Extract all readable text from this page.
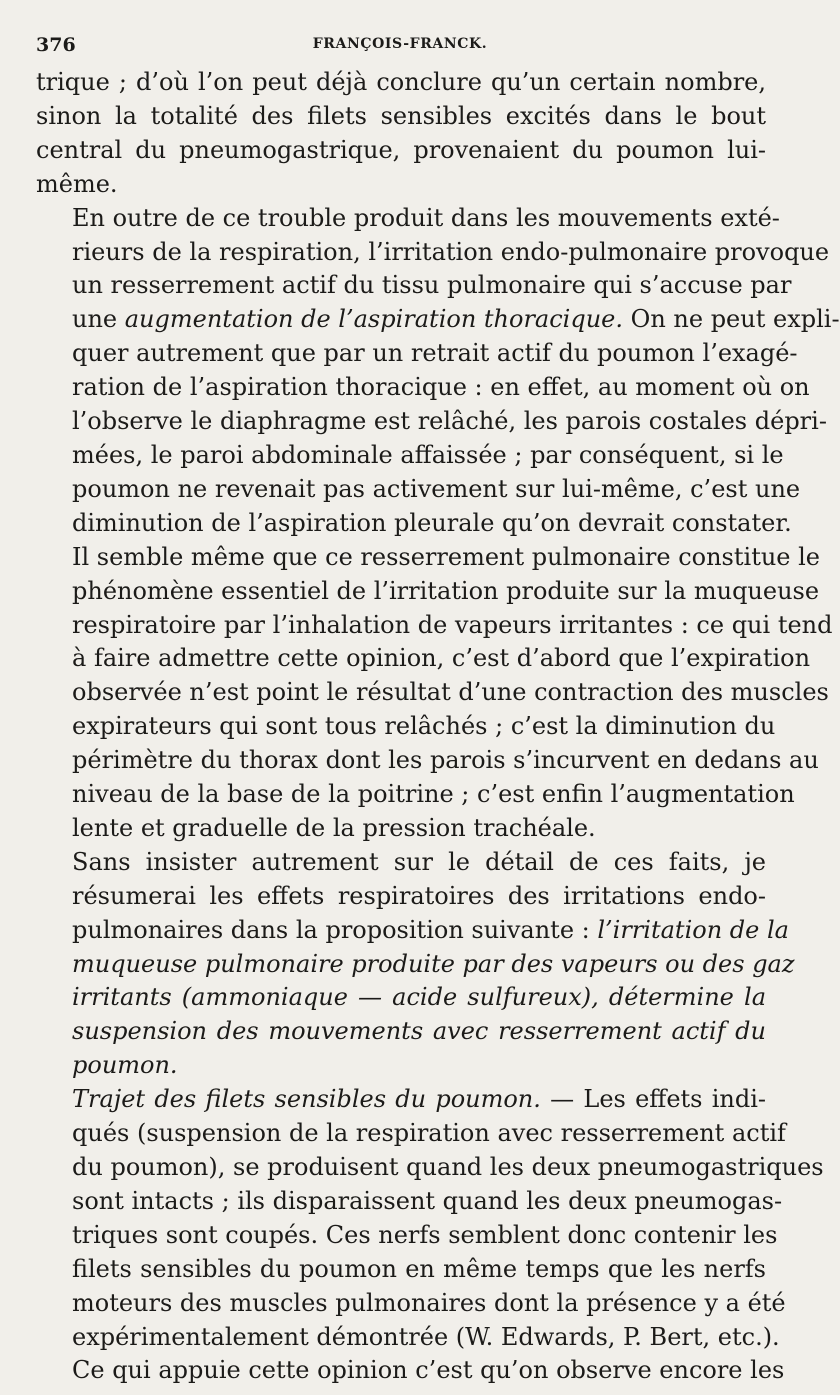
376	FRANÇOIS-FRANCK.

trique ; d’où l’on peut déjà conclure qu’un certain nombre,
sinon la totalité des filets sensibles excités dans le bout
central du pneumogastrique, provenaient du poumon lui-
même.

En outre de ce trouble produit dans les mouvements exté-
rieurs de la respiration, l’irritation endo-pulmonaire provoque
un resserrement actif du tissu pulmonaire qui s’accuse par
une augmentation de l’aspiration thoracique. On ne peut expli-
quer autrement que par un retrait actif du poumon l’exagé-
ration de l’aspiration thoracique : en effet, au moment où on
l’observe le diaphragme est relâché, les parois costales dépri-
mées, le paroi abdominale affaissée ; par conséquent, si le
poumon ne revenait pas activement sur lui-même, c’est une
diminution de l’aspiration pleurale qu’on devrait constater.
Il semble même que ce resserrement pulmonaire constitue le
phénomène essentiel de l’irritation produite sur la muqueuse
respiratoire par l’inhalation de vapeurs irritantes : ce qui tend
à faire admettre cette opinion, c’est d’abord que l’expiration
observée n’est point le résultat d’une contraction des muscles
expirateurs qui sont tous relâchés ; c’est la diminution du
périmètre du thorax dont les parois s’incurvent en dedans au
niveau de la base de la poitrine ; c’est enfin l’augmentation
lente et graduelle de la pression trachéale.

Sans insister autrement sur le détail de ces faits, je
résumerai les effets respiratoires des irritations endo-
pulmonaires dans la proposition suivante : l’irritation de la
muqueuse pulmonaire produite par des vapeurs ou des gaz
irritants (ammoniaque — acide sulfureux), détermine la
suspension des mouvements avec resserrement actif du
poumon.

Trajet des filets sensibles du poumon. — Les effets indi-
qués (suspension de la respiration avec resserrement actif
du poumon), se produisent quand les deux pneumogastriques
sont intacts ; ils disparaissent quand les deux pneumogas-
triques sont coupés. Ces nerfs semblent donc contenir les
filets sensibles du poumon en même temps que les nerfs
moteurs des muscles pulmonaires dont la présence y a été
expérimentalement démontrée (W. Edwards, P. Bert, etc.).

Ce qui appuie cette opinion c’est qu’on observe encore les
